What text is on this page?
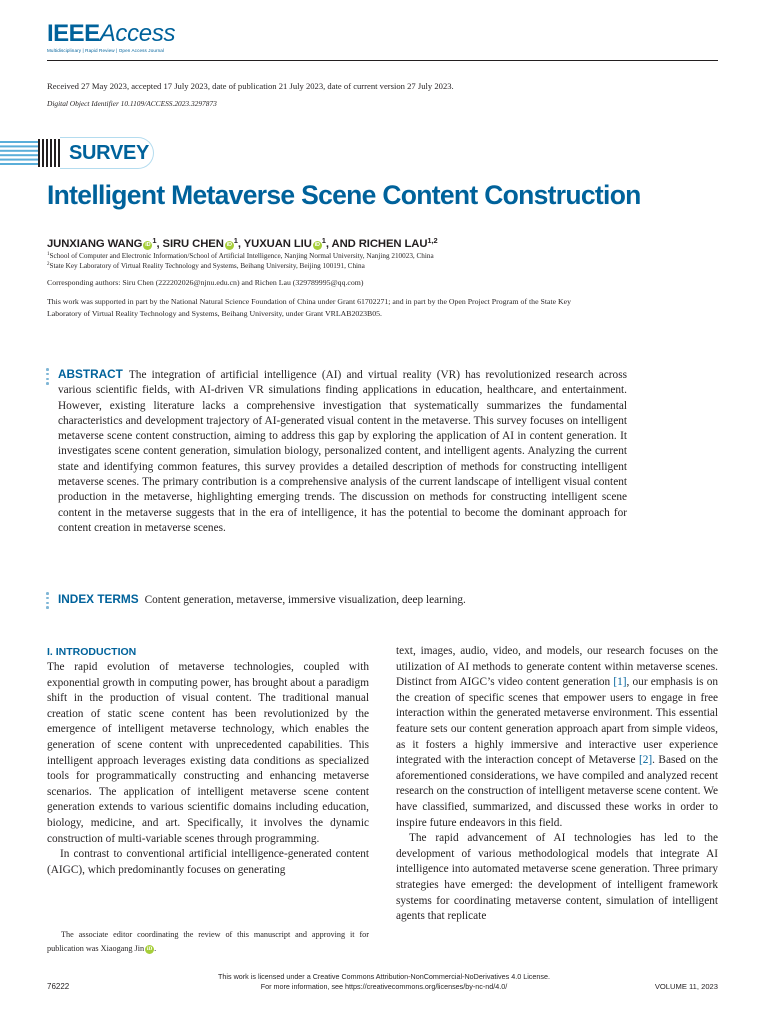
IEEEAccess
Multidisciplinary | Rapid Review | Open Access Journal
Received 27 May 2023, accepted 17 July 2023, date of publication 21 July 2023, date of current version 27 July 2023.
Digital Object Identifier 10.1109/ACCESS.2023.3297873
SURVEY
Intelligent Metaverse Scene Content Construction
JUNXIANG WANG iD $^1$, SIRU CHEN iD $^1$, YUXUAN LIU iD $^1$, AND RICHEN LAU$^{1,2}$
$^1$School of Computer and Electronic Information/School of Artificial Intelligence, Nanjing Normal University, Nanjing 210023, China
$^2$State Key Laboratory of Virtual Reality Technology and Systems, Beihang University, Beijing 100191, China
Corresponding authors: Siru Chen (222202026@njnu.edu.cn) and Richen Lau (329789995@qq.com)
This work was supported in part by the National Natural Science Foundation of China under Grant 61702271; and in part by the Open Project Program of the State Key Laboratory of Virtual Reality Technology and Systems, Beihang University, under Grant VRLAB2023B05.
ABSTRACT The integration of artificial intelligence (AI) and virtual reality (VR) has revolutionized research across various scientific fields, with AI-driven VR simulations finding applications in education, healthcare, and entertainment. However, existing literature lacks a comprehensive investigation that systematically summarizes the fundamental characteristics and development trajectory of AI-generated visual content in the metaverse. This survey focuses on intelligent metaverse scene content construction, aiming to address this gap by exploring the application of AI in content generation. It investigates scene content generation, simulation biology, personalized content, and intelligent agents. Analyzing the current state and identifying common features, this survey provides a detailed description of methods for constructing intelligent metaverse scenes. The primary contribution is a comprehensive analysis of the current landscape of intelligent visual content production in the metaverse, highlighting emerging trends. The discussion on methods for constructing intelligent scene content in the metaverse suggests that in the era of intelligence, it has the potential to become the dominant approach for content creation in metaverse scenes.
INDEX TERMS Content generation, metaverse, immersive visualization, deep learning.
I. INTRODUCTION

The rapid evolution of metaverse technologies, coupled with exponential growth in computing power, has brought about a paradigm shift in the production of visual content. The traditional manual creation of static scene content has been revolutionized by the emergence of intelligent metaverse technology, which enables the generation of scene content with unprecedented capabilities. This intelligent approach leverages existing data conditions as specialized tools for programmatically constructing and enhancing metaverse scenarios. The application of intelligent metaverse scene content generation extends to various scientific domains including education, biology, medicine, and art. Specifically, it involves the dynamic construction of multi-variable scenes through programming.

In contrast to conventional artificial intelligence-generated content (AIGC), which predominantly focuses on generating

text, images, audio, video, and models, our research focuses on the utilization of AI methods to generate content within metaverse scenes. Distinct from AIGC’s video content generation [1], our emphasis is on the creation of specific scenes that empower users to engage in free interaction within the generated metaverse environment. This essential feature sets our content generation approach apart from simple videos, as it fosters a highly immersive and interactive user experience integrated with the interaction concept of Metaverse [2]. Based on the aforementioned considerations, we have compiled and analyzed recent research on the construction of intelligent metaverse scene content. We have classified, summarized, and discussed these works in order to inspire future endeavors in this field.

The rapid advancement of AI technologies has led to the development of various methodological models that integrate AI intelligence into automated metaverse scene generation. Three primary strategies have emerged: the development of intelligent framework systems for coordinating metaverse content, simulation of intelligent agents that replicate

The associate editor coordinating the review of this manuscript and approving it for publication was Xiaogang Jin iD .
This work is licensed under a Creative Commons Attribution-NonCommercial-NoDerivatives 4.0 License.
For more information, see https://creativecommons.org/licenses/by-nc-nd/4.0/
76222	VOLUME 11, 2023
